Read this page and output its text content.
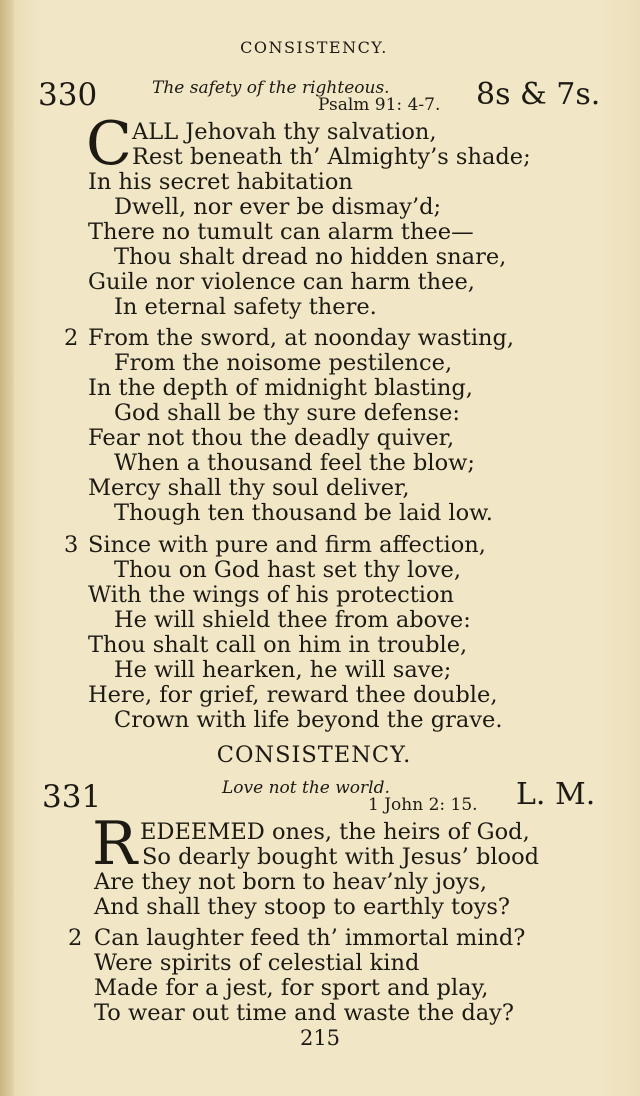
CONSISTENCY.
330	The safety of the righteous.
Psalm 91: 4-7. 8s & 7s.
C ALL Jehovah thy salvation,
Rest beneath th’ Almighty’s shade;
In his secret habitation
Dwell, nor ever be dismay’d;
There no tumult can alarm thee—
Thou shalt dread no hidden snare,
Guile nor violence can harm thee,
In eternal safety there.
2 From the sword, at noonday wasting,
From the noisome pestilence,
In the depth of midnight blasting,
God shall be thy sure defense:
Fear not thou the deadly quiver,
When a thousand feel the blow;
Mercy shall thy soul deliver,
Though ten thousand be laid low.
3 Since with pure and firm affection,
Thou on God hast set thy love,
With the wings of his protection
He will shield thee from above:
Thou shalt call on him in trouble,
He will hearken, he will save;
Here, for grief, reward thee double,
Crown with life beyond the grave.
CONSISTENCY.
331	Love not the world.
1 John 2: 15. L. M.
R EDEEMED ones, the heirs of God,
So dearly bought with Jesus’ blood
Are they not born to heav’nly joys,
And shall they stoop to earthly toys?
2 Can laughter feed th’ immortal mind?
Were spirits of celestial kind
Made for a jest, for sport and play,
To wear out time and waste the day?
215
